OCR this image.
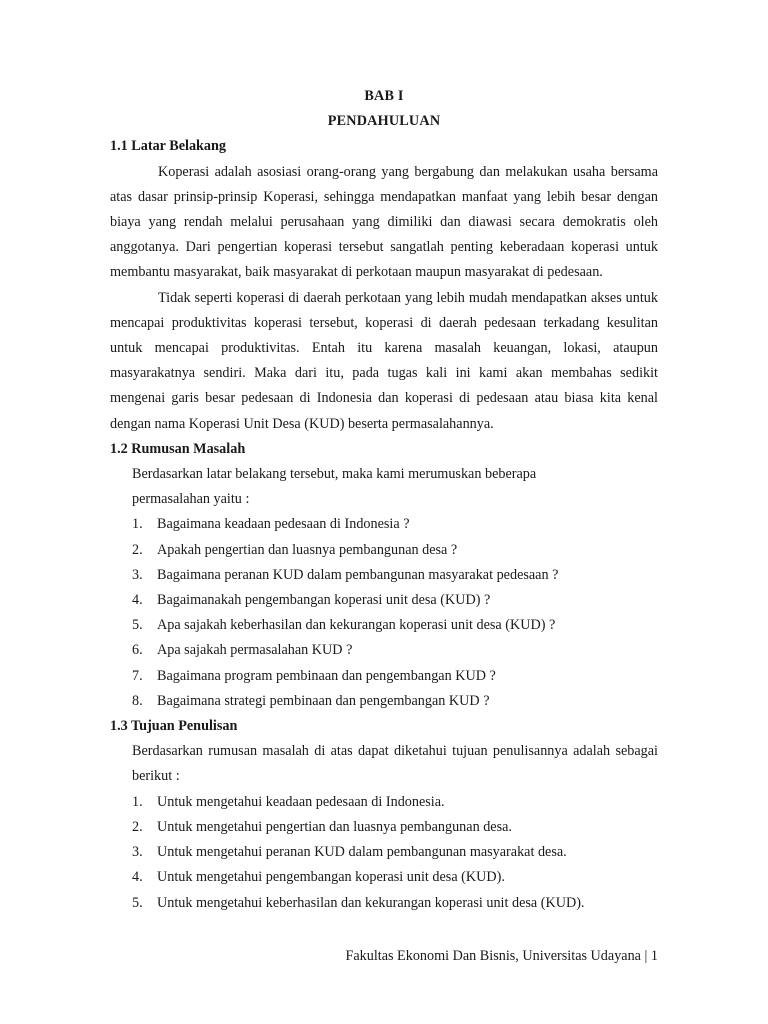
BAB I

PENDAHULUAN

1.1 Latar Belakang

Koperasi adalah asosiasi orang-orang yang bergabung dan melakukan usaha bersama atas dasar prinsip-prinsip Koperasi, sehingga mendapatkan manfaat yang lebih besar dengan biaya yang rendah melalui perusahaan yang dimiliki dan diawasi secara demokratis oleh anggotanya. Dari pengertian koperasi tersebut sangatlah penting keberadaan koperasi untuk membantu masyarakat, baik masyarakat di perkotaan maupun masyarakat di pedesaan.

Tidak seperti koperasi di daerah perkotaan yang lebih mudah mendapatkan akses untuk mencapai produktivitas koperasi tersebut, koperasi di daerah pedesaan terkadang kesulitan untuk mencapai produktivitas. Entah itu karena masalah keuangan, lokasi, ataupun masyarakatnya sendiri. Maka dari itu, pada tugas kali ini kami akan membahas sedikit mengenai garis besar pedesaan di Indonesia dan koperasi di pedesaan atau biasa kita kenal dengan nama Koperasi Unit Desa (KUD) beserta permasalahannya.

1.2 Rumusan Masalah

Berdasarkan latar belakang tersebut, maka kami merumuskan beberapa

permasalahan yaitu :

1.	Bagaimana keadaan pedesaan di Indonesia ?
2.	Apakah pengertian dan luasnya pembangunan desa ?
3.	Bagaimana peranan KUD dalam pembangunan masyarakat pedesaan ?
4.	Bagaimanakah pengembangan koperasi unit desa (KUD) ?
5.	Apa sajakah keberhasilan dan kekurangan koperasi unit desa (KUD) ?
6.	Apa sajakah permasalahan KUD ?
7.	Bagaimana program pembinaan dan pengembangan KUD ?
8.	Bagaimana strategi pembinaan dan pengembangan KUD ?

1.3 Tujuan Penulisan

Berdasarkan rumusan masalah di atas dapat diketahui tujuan penulisannya adalah sebagai berikut :

1.	Untuk mengetahui keadaan pedesaan di Indonesia.
2.	Untuk mengetahui pengertian dan luasnya pembangunan desa.
3.	Untuk mengetahui peranan KUD dalam pembangunan masyarakat desa.
4.	Untuk mengetahui pengembangan koperasi unit desa (KUD).
5.	Untuk mengetahui keberhasilan dan kekurangan koperasi unit desa (KUD).
Fakultas Ekonomi Dan Bisnis, Universitas Udayana | 1
